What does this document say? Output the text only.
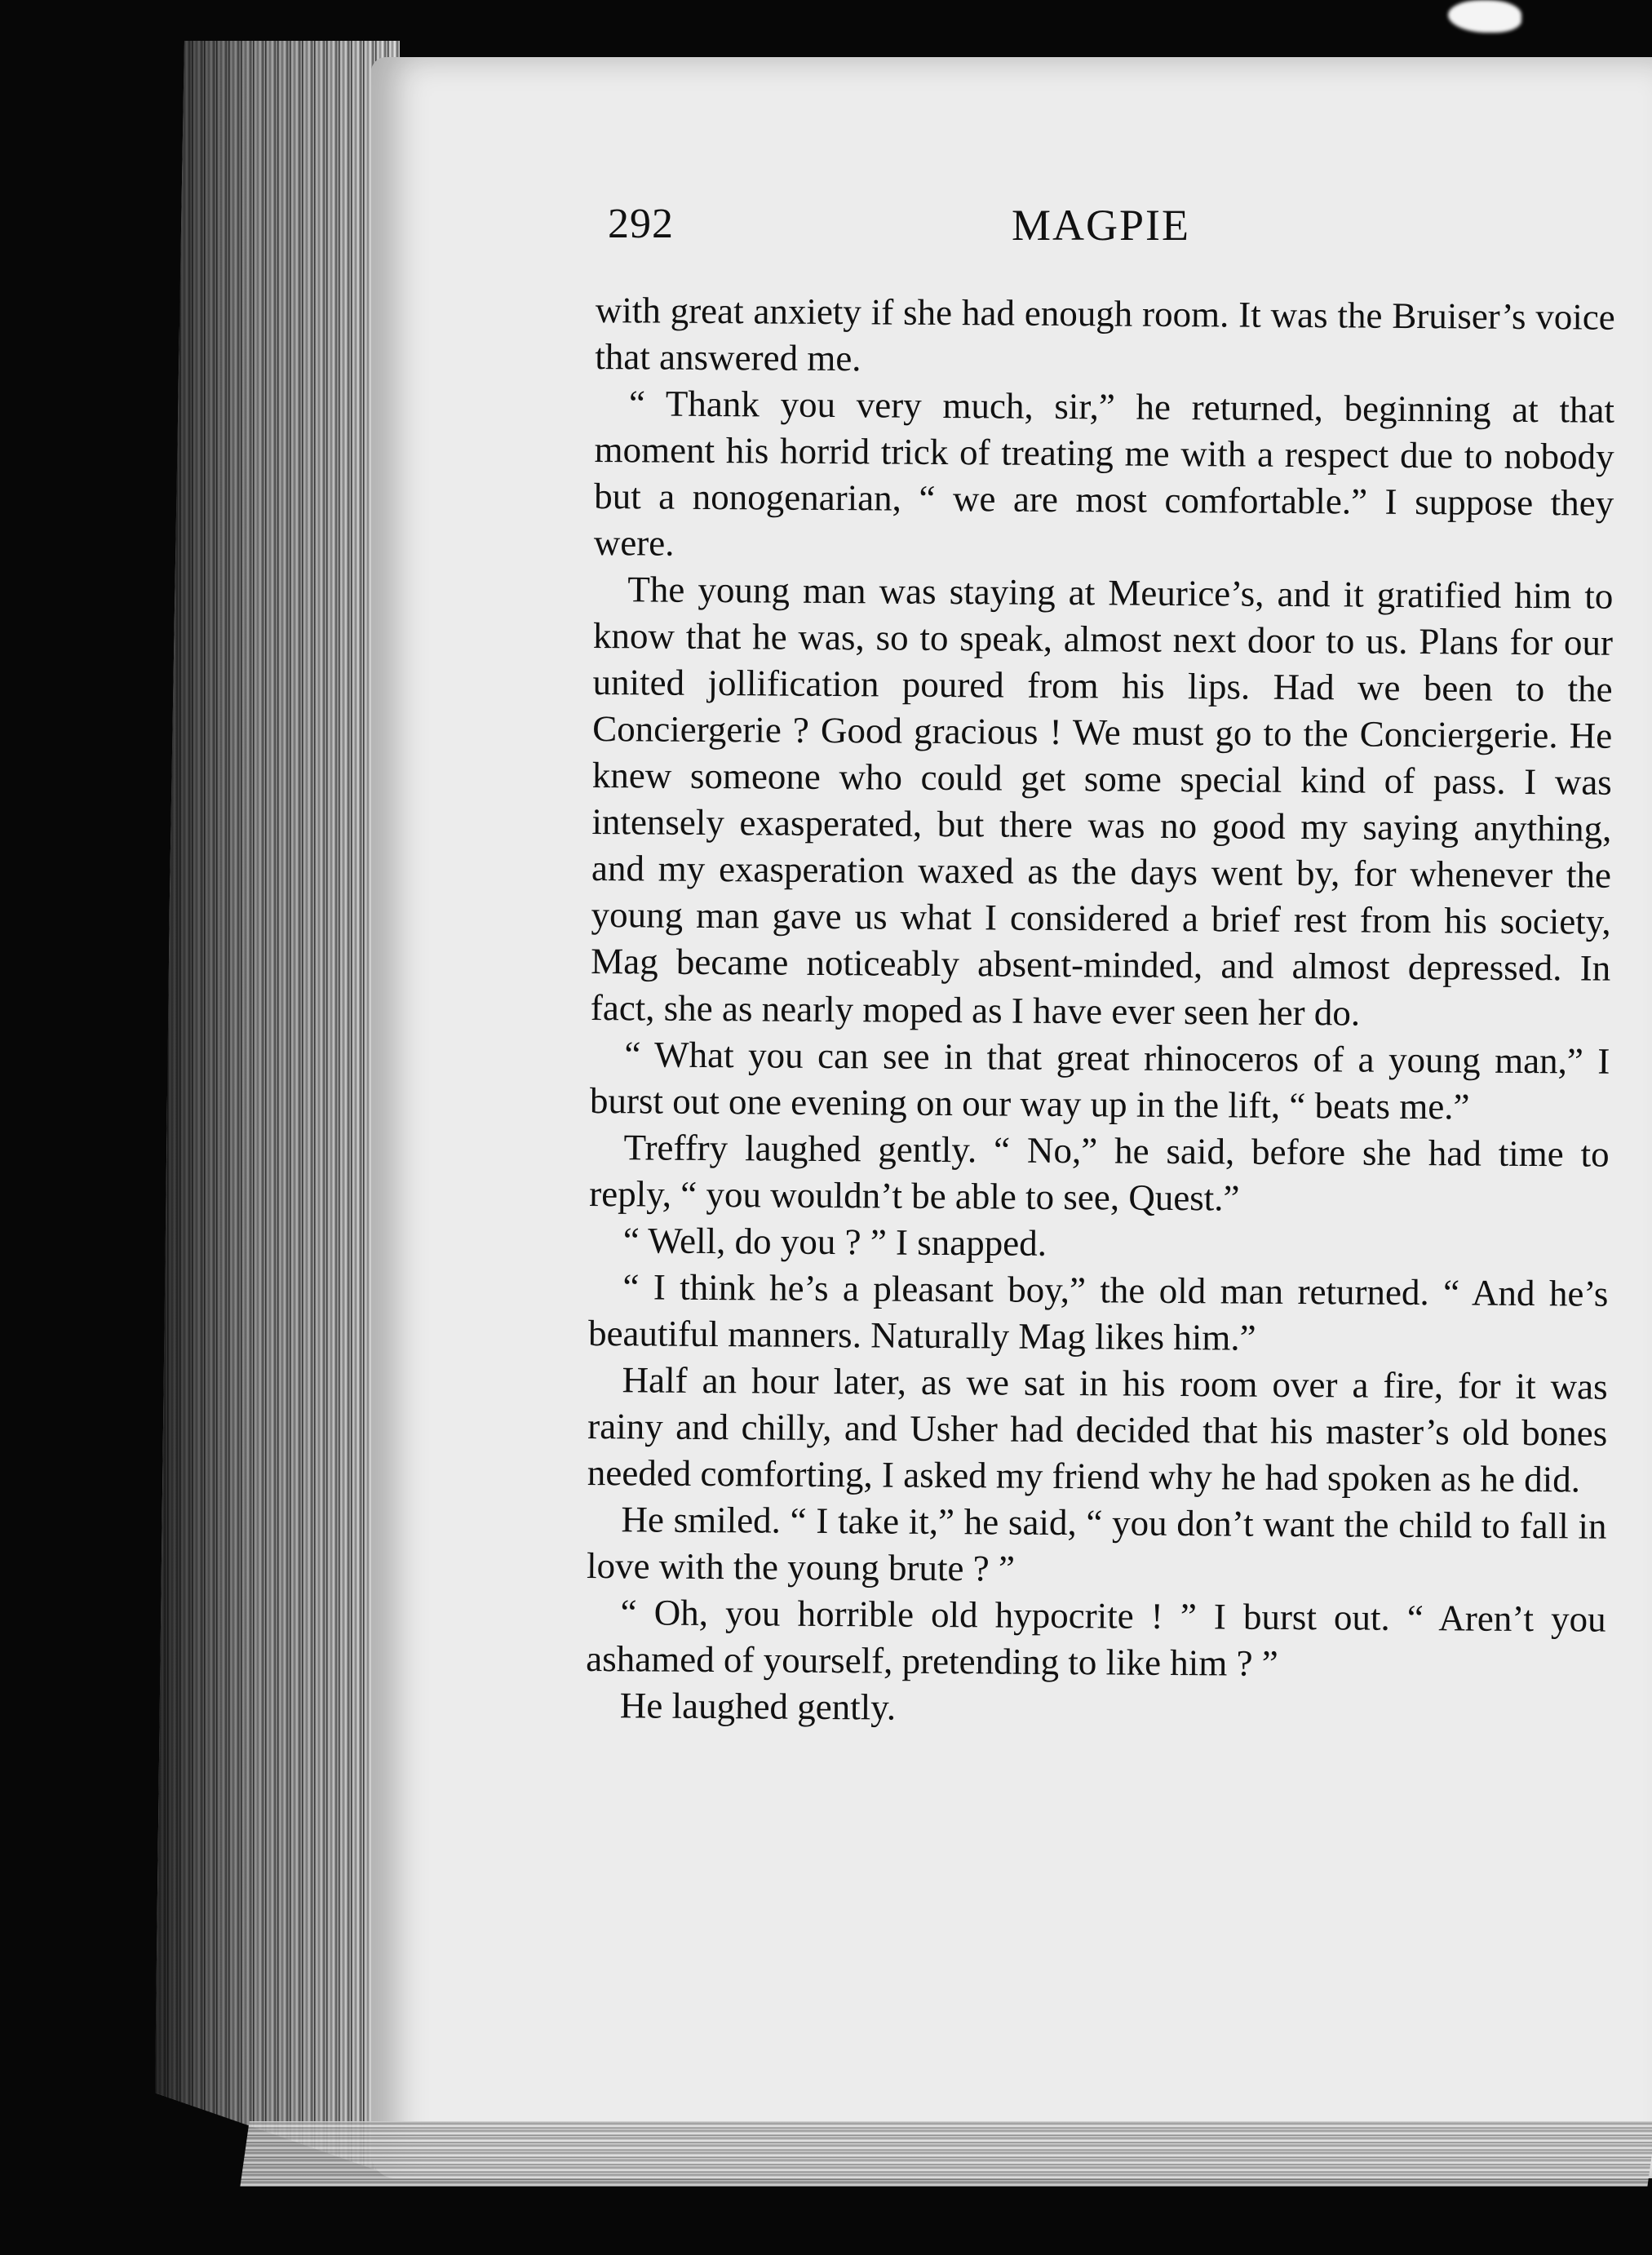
292	MAGPIE

with great anxiety if she had enough room. It was the Bruiser’s voice that answered me.

“ Thank you very much, sir,” he returned, beginning at that moment his horrid trick of treating me with a respect due to nobody but a nonogenarian, “ we are most comfortable.” I suppose they were.

The young man was staying at Meurice’s, and it gratified him to know that he was, so to speak, almost next door to us. Plans for our united jollification poured from his lips. Had we been to the Conciergerie ? Good gracious ! We must go to the Conciergerie. He knew someone who could get some special kind of pass. I was intensely exasperated, but there was no good my saying anything, and my exasperation waxed as the days went by, for whenever the young man gave us what I considered a brief rest from his society, Mag became noticeably absent-minded, and almost depressed. In fact, she as nearly moped as I have ever seen her do.

“ What you can see in that great rhinoceros of a young man,” I burst out one evening on our way up in the lift, “ beats me.”

Treffry laughed gently. “ No,” he said, before she had time to reply, “ you wouldn’t be able to see, Quest.”

“ Well, do you ? ” I snapped.

“ I think he’s a pleasant boy,” the old man returned. “ And he’s beautiful manners. Naturally Mag likes him.”

Half an hour later, as we sat in his room over a fire, for it was rainy and chilly, and Usher had decided that his master’s old bones needed comforting, I asked my friend why he had spoken as he did.

He smiled. “ I take it,” he said, “ you don’t want the child to fall in love with the young brute ? ”

“ Oh, you horrible old hypocrite ! ” I burst out. “ Aren’t you ashamed of yourself, pretending to like him ? ”

He laughed gently.
